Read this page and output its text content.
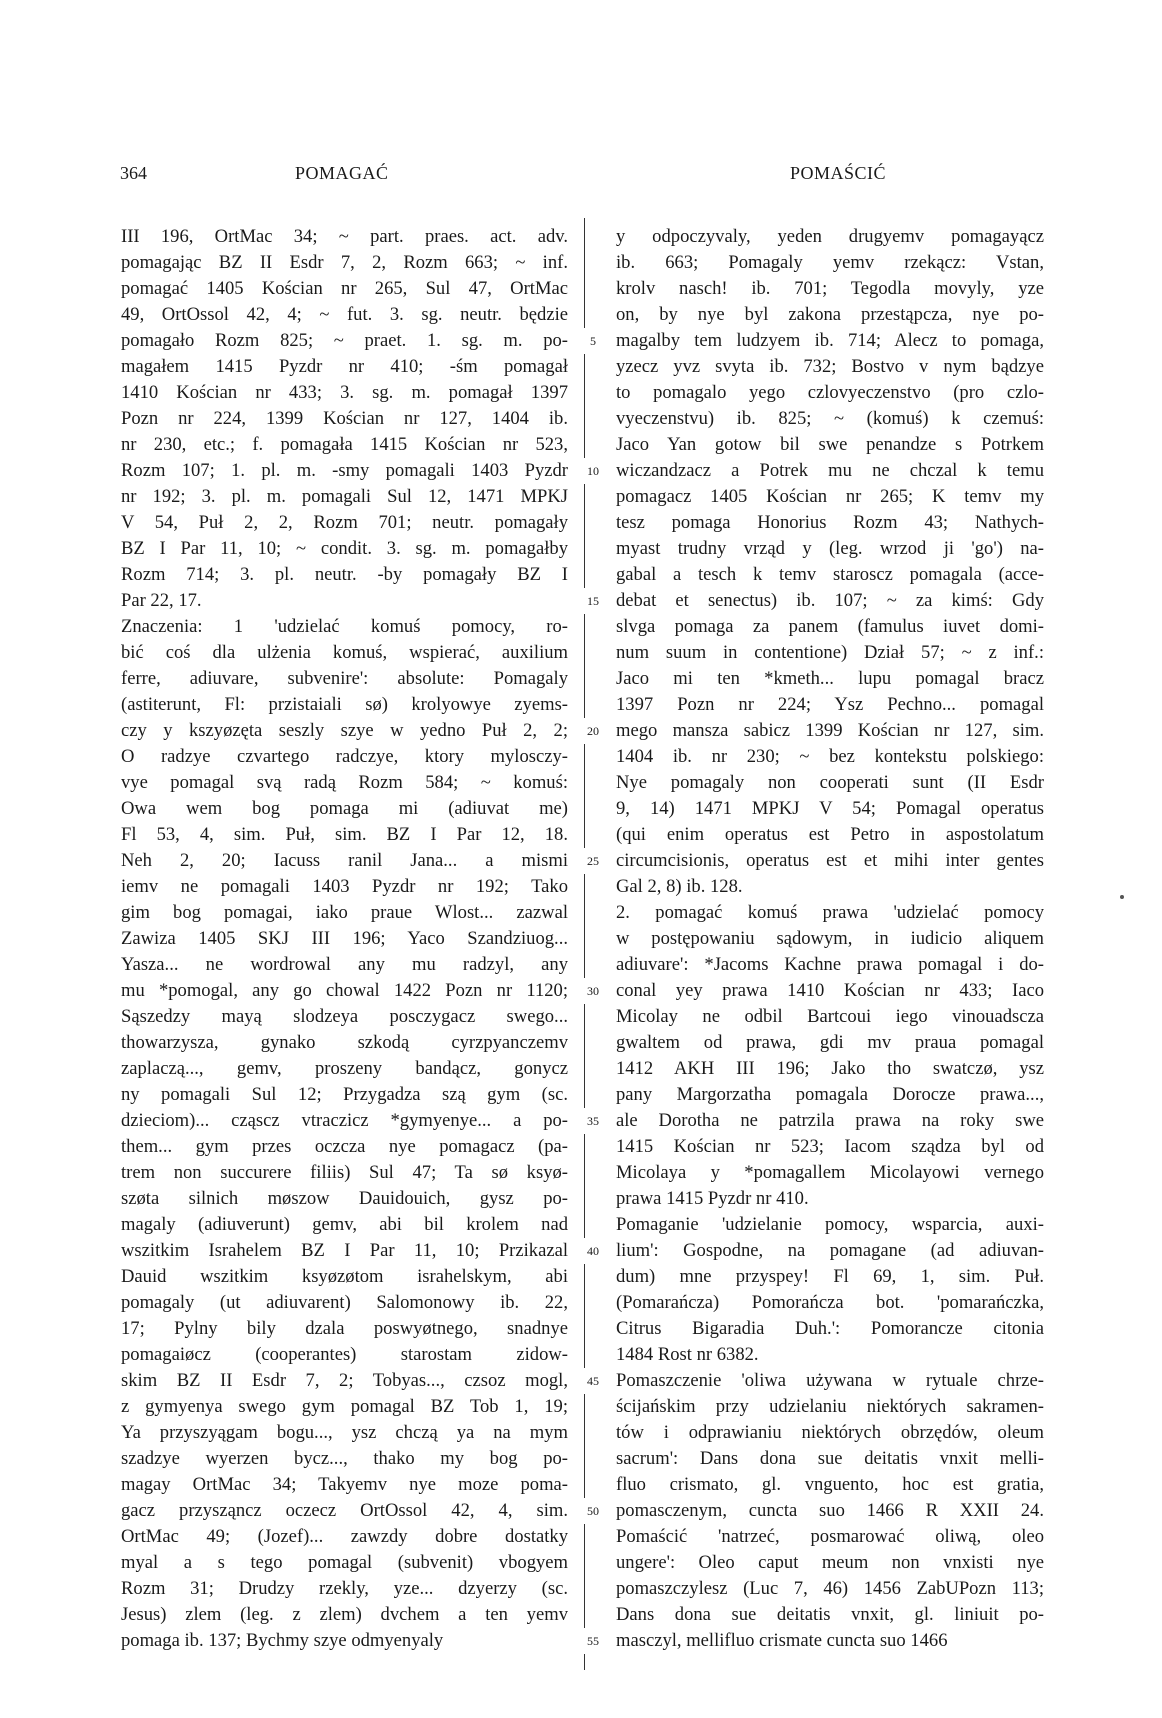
364	POMAGAĆ	POMAŚCIĆ
III 196, OrtMac 34; ~ part. praes. act. adv.
pomagając BZ II Esdr 7, 2, Rozm 663; ~ inf.
pomagać 1405 Kościan nr 265, Sul 47, OrtMac
49, OrtOssol 42, 4; ~ fut. 3. sg. neutr. będzie
pomagało Rozm 825; ~ praet. 1. sg. m. po-
magałem 1415 Pyzdr nr 410; -śm pomagał
1410 Kościan nr 433; 3. sg. m. pomagał 1397
Pozn nr 224, 1399 Kościan nr 127, 1404 ib.
nr 230, etc.; f. pomagała 1415 Kościan nr 523,
Rozm 107; 1. pl. m. -smy pomagali 1403 Pyzdr
nr 192; 3. pl. m. pomagali Sul 12, 1471 MPKJ
V 54, Puł 2, 2, Rozm 701; neutr. pomagały
BZ I Par 11, 10; ~ condit. 3. sg. m. pomagałby
Rozm 714; 3. pl. neutr. -by pomagały BZ I
Par 22, 17.
Znaczenia: 1 'udzielać komuś pomocy, ro-
bić coś dla ulżenia komuś, wspierać, auxilium
ferre, adiuvare, subvenire': absolute: Pomagaly
(astiterunt, Fl: przistaiali sø) krolyowye zyems-
czy y kszyøzęta seszly szye w yedno Puł 2, 2;
O radzye czvartego radczye, ktory mylosczy-
vye pomagal svą radą Rozm 584; ~ komuś:
Owa wem bog pomaga mi (adiuvat me)
Fl 53, 4, sim. Puł, sim. BZ I Par 12, 18.
Neh 2, 20; Iacuss ranil Jana... a mismi
iemv ne pomagali 1403 Pyzdr nr 192; Tako
gim bog pomagai, iako praue Wlost... zazwal
Zawiza 1405 SKJ III 196; Yaco Szandziuog...
Yasza... ne wordrowal any mu radzyl, any
mu *pomogal, any go chowal 1422 Pozn nr 1120;
Sąszedzy mayą slodzeya posczygacz swego...
thowarzysza, gynako szkodą cyrzpyanczemv
zaplaczą..., gemv, proszeny bandącz, gonycz
ny pomagali Sul 12; Przygadza szą gym (sc.
dzieciom)... cząscz vtraczicz *gymyenye... a po-
them... gym przes oczcza nye pomagacz (pa-
trem non succurere filiis) Sul 47; Ta sø ksyø-
szøta silnich møszow Dauidouich, gysz po-
magaly (adiuverunt) gemv, abi bil krolem nad
wszitkim Israhelem BZ I Par 11, 10; Przikazal
Dauid wszitkim ksyøzøtom israhelskym, abi
pomagaly (ut adiuvarent) Salomonowy ib. 22,
17; Pylny bily dzala poswyøtnego, snadnye
pomagaiøcz (cooperantes) starostam zidow-
skim BZ II Esdr 7, 2; Tobyas..., czsoz mogl,
z gymyenya swego gym pomagal BZ Tob 1, 19;
Ya przyszyągam bogu..., ysz chczą ya na mym
szadzye wyerzen bycz..., thako my bog po-
magay OrtMac 34; Takyemv nye moze poma-
gacz przysząncz oczecz OrtOssol 42, 4, sim.
OrtMac 49; (Jozef)... zawzdy dobre dostatky
myal a s tego pomagal (subvenit) vbogyem
Rozm 31; Drudzy rzekly, yze... dzyerzy (sc.
Jesus) zlem (leg. z zlem) dvchem a ten yemv
pomaga ib. 137; Bychmy szye odmyenyaly
5
10
15
20
25
30
35
40
45
50
55
y odpoczyvaly, yeden drugyemv pomagayącz
ib. 663; Pomagaly yemv rzekącz: Vstan,
krolv nasch! ib. 701; Tegodla movyly, yze
on, by nye byl zakona przestąpcza, nye po-
magalby tem ludzyem ib. 714; Alecz to pomaga,
yzecz yvz svyta ib. 732; Bostvo v nym bądzye
to pomagalo yego czlovyeczenstvo (pro czlo-
vyeczenstvu) ib. 825; ~ (komuś) k czemuś:
Jaco Yan gotow bil swe penandze s Potrkem
wiczandzacz a Potrek mu ne chczal k temu
pomagacz 1405 Kościan nr 265; K temv my
tesz pomaga Honorius Rozm 43; Nathych-
myast trudny vrząd y (leg. wrzod ji 'go') na-
gabal a tesch k temv staroscz pomagala (acce-
debat et senectus) ib. 107; ~ za kimś: Gdy
slvga pomaga za panem (famulus iuvet domi-
num suum in contentione) Dział 57; ~ z inf.:
Jaco mi ten *kmeth... lupu pomagal bracz
1397 Pozn nr 224; Ysz Pechno... pomagal
mego mansza sabicz 1399 Kościan nr 127, sim.
1404 ib. nr 230; ~ bez kontekstu polskiego:
Nye pomagaly non cooperati sunt (II Esdr
9, 14) 1471 MPKJ V 54; Pomagal operatus
(qui enim operatus est Petro in aspostolatum
circumcisionis, operatus est et mihi inter gentes
Gal 2, 8) ib. 128.
2. pomagać komuś prawa 'udzielać pomocy
w postępowaniu sądowym, in iudicio aliquem
adiuvare': *Jacoms Kachne prawa pomagal i do-
conal yey prawa 1410 Kościan nr 433; Iaco
Micolay ne odbil Bartcoui iego vinouadscza
gwaltem od prawa, gdi mv praua pomagal
1412 AKH III 196; Jako tho swatczø, ysz
pany Margorzatha pomagala Dorocze prawa...,
ale Dorotha ne patrzila prawa na roky swe
1415 Kościan nr 523; Iacom sządza byl od
Micolaya y *pomagallem Micolayowi vernego
prawa 1415 Pyzdr nr 410.
Pomaganie 'udzielanie pomocy, wsparcia, auxi-
lium': Gospodne, na pomagane (ad adiuvan-
dum) mne przyspey! Fl 69, 1, sim. Puł.
(Pomarańcza) Pomorańcza bot. 'pomarańczka,
Citrus Bigaradia Duh.': Pomorancze citonia
1484 Rost nr 6382.
Pomaszczenie 'oliwa używana w rytuale chrze-
ścijańskim przy udzielaniu niektórych sakramen-
tów i odprawianiu niektórych obrzędów, oleum
sacrum': Dans dona sue deitatis vnxit melli-
fluo crismato, gl. vnguento, hoc est gratia,
pomasczenym, cuncta suo 1466 R XXII 24.
Pomaścić 'natrzeć, posmarować oliwą, oleo
ungere': Oleo caput meum non vnxisti nye
pomaszczylesz (Luc 7, 46) 1456 ZabUPozn 113;
Dans dona sue deitatis vnxit, gl. liniuit po-
masczyl, mellifluo crismate cuncta suo 1466
